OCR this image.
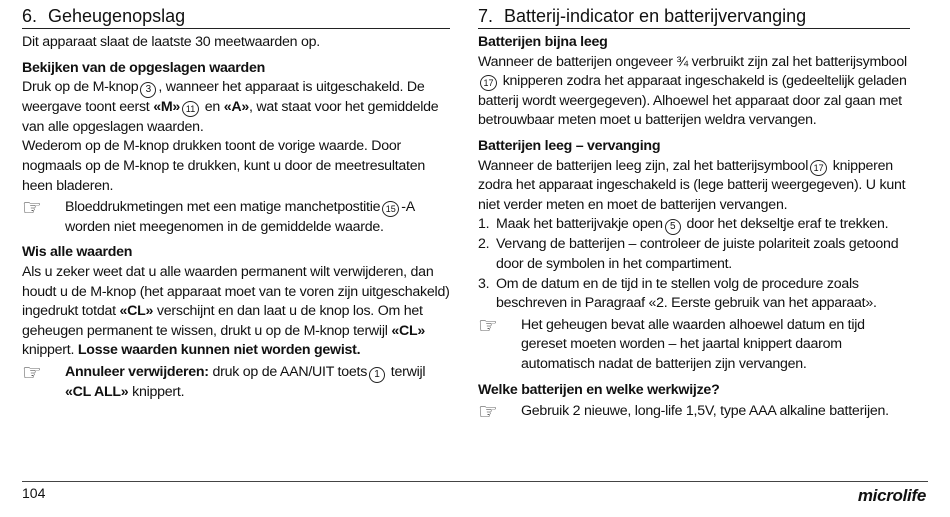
6. Geheugenopslag

Dit apparaat slaat de laatste 30 meetwaarden op.

Bekijken van de opgeslagen waarden

Druk op de M-knop 3 , wanneer het apparaat is uitgeschakeld. De weergave toont eerst «M» 11 en «A», wat staat voor het gemiddelde van alle opgeslagen waarden.

Wederom op de M-knop drukken toont de vorige waarde. Door nogmaals op de M-knop te drukken, kunt u door de meetresultaten heen bladeren.

☞	Bloeddrukmetingen met een matige manchetpostitie 15 -A worden niet meegenomen in de gemiddelde waarde.

Wis alle waarden

Als u zeker weet dat u alle waarden permanent wilt verwijderen, dan houdt u de M-knop (het apparaat moet van te voren zijn uitgeschakeld) ingedrukt totdat «CL» verschijnt en dan laat u de knop los. Om het geheugen permanent te wissen, drukt u op de M-knop terwijl «CL» knippert. Losse waarden kunnen niet worden gewist.

☞	Annuleer verwijderen: druk op de AAN/UIT toets 1 terwijl «CL ALL» knippert.

7. Batterij-indicator en batterijvervanging

Batterijen bijna leeg

Wanneer de batterijen ongeveer ¾ verbruikt zijn zal het batterijsymbool17 knipperen zodra het apparaat ingeschakeld is (gedeeltelijk geladen batterij wordt weergegeven). Alhoewel het apparaat door zal gaan met betrouwbaar meten moet u batterijen weldra vervangen.

Batterijen leeg – vervanging

Wanneer de batterijen leeg zijn, zal het batterijsymbool 17 knipperen zodra het apparaat ingeschakeld is (lege batterij weergegeven). U kunt niet verder meten en moet de batterijen vervangen.

1. Maak het batterijvakje open 5 door het dekseltje eraf te trekken.
2. Vervang de batterijen – controleer de juiste polariteit zoals getoond door de symbolen in het compartiment.
3. Om de datum en de tijd in te stellen volg de procedure zoals beschreven in Paragraaf «2. Eerste gebruik van het apparaat».
☞	Het geheugen bevat alle waarden alhoewel datum en tijd gereset moeten worden – het jaartal knippert daarom automatisch nadat de batterijen zijn vervangen.

Welke batterijen en welke werkwijze?

☞	Gebruik 2 nieuwe, long-life 1,5V, type AAA alkaline batterijen.

104	microlife
